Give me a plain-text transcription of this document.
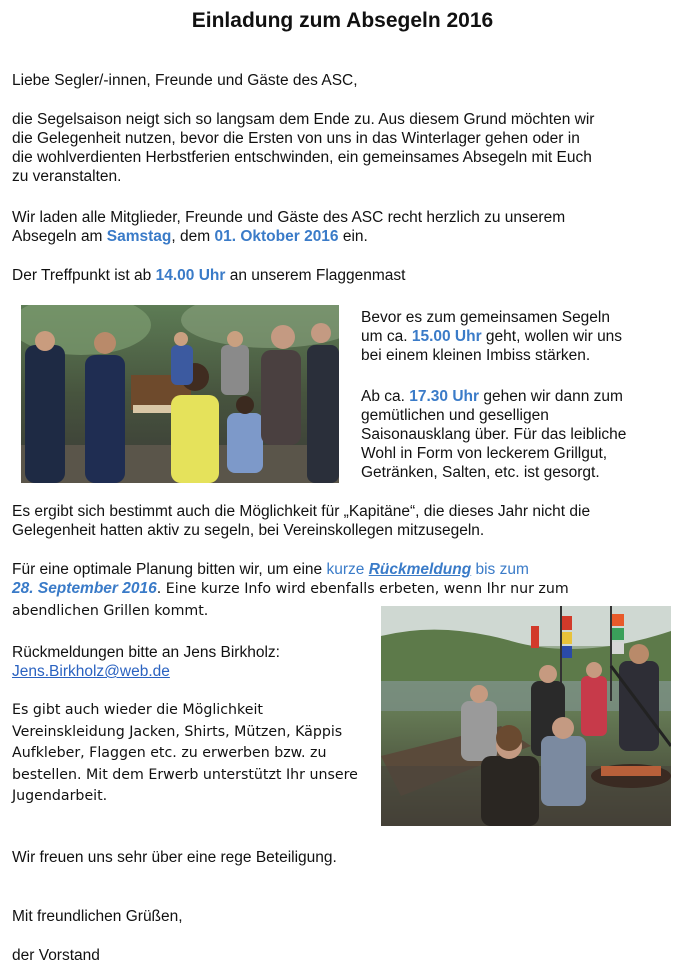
Einladung zum Absegeln 2016
Liebe Segler/-innen, Freunde und Gäste des ASC,
die Segelsaison neigt sich so langsam dem Ende zu. Aus diesem Grund möchten wir
die Gelegenheit nutzen, bevor die Ersten von uns in das Winterlager gehen oder in
die wohlverdienten Herbstferien entschwinden, ein gemeinsames Absegeln mit Euch
zu veranstalten.
Wir laden alle Mitglieder, Freunde und Gäste des ASC recht herzlich zu unserem
Absegeln am Samstag, dem 01. Oktober 2016 ein.
Der Treffpunkt ist ab 14.00 Uhr an unserem Flaggenmast
Bevor es zum gemeinsamen Segeln
um ca. 15.00 Uhr geht, wollen wir uns
bei einem kleinen Imbiss stärken.
Ab ca. 17.30 Uhr gehen wir dann zum
gemütlichen und geselligen
Saisonausklang über. Für das leibliche
Wohl in Form von leckerem Grillgut,
Getränken, Salten, etc. ist gesorgt.
Es ergibt sich bestimmt auch die Möglichkeit für „Kapitäne“, die dieses Jahr nicht die
Gelegenheit hatten aktiv zu segeln, bei Vereinskollegen mitzusegeln.
Für eine optimale Planung bitten wir, um eine kurze Rückmeldung bis zum
28. September 2016. Eine kurze Info wird ebenfalls erbeten, wenn Ihr nur zum
abendlichen Grillen kommt.
Rückmeldungen bitte an Jens Birkholz:
Jens.Birkholz@web.de
Es gibt auch wieder die Möglichkeit
Vereinskleidung Jacken, Shirts, Mützen, Käppis
Aufkleber, Flaggen etc. zu erwerben bzw. zu
bestellen. Mit dem Erwerb unterstützt Ihr unsere
Jugendarbeit.
Wir freuen uns sehr über eine rege Beteiligung.
Mit freundlichen Grüßen,
der Vorstand
